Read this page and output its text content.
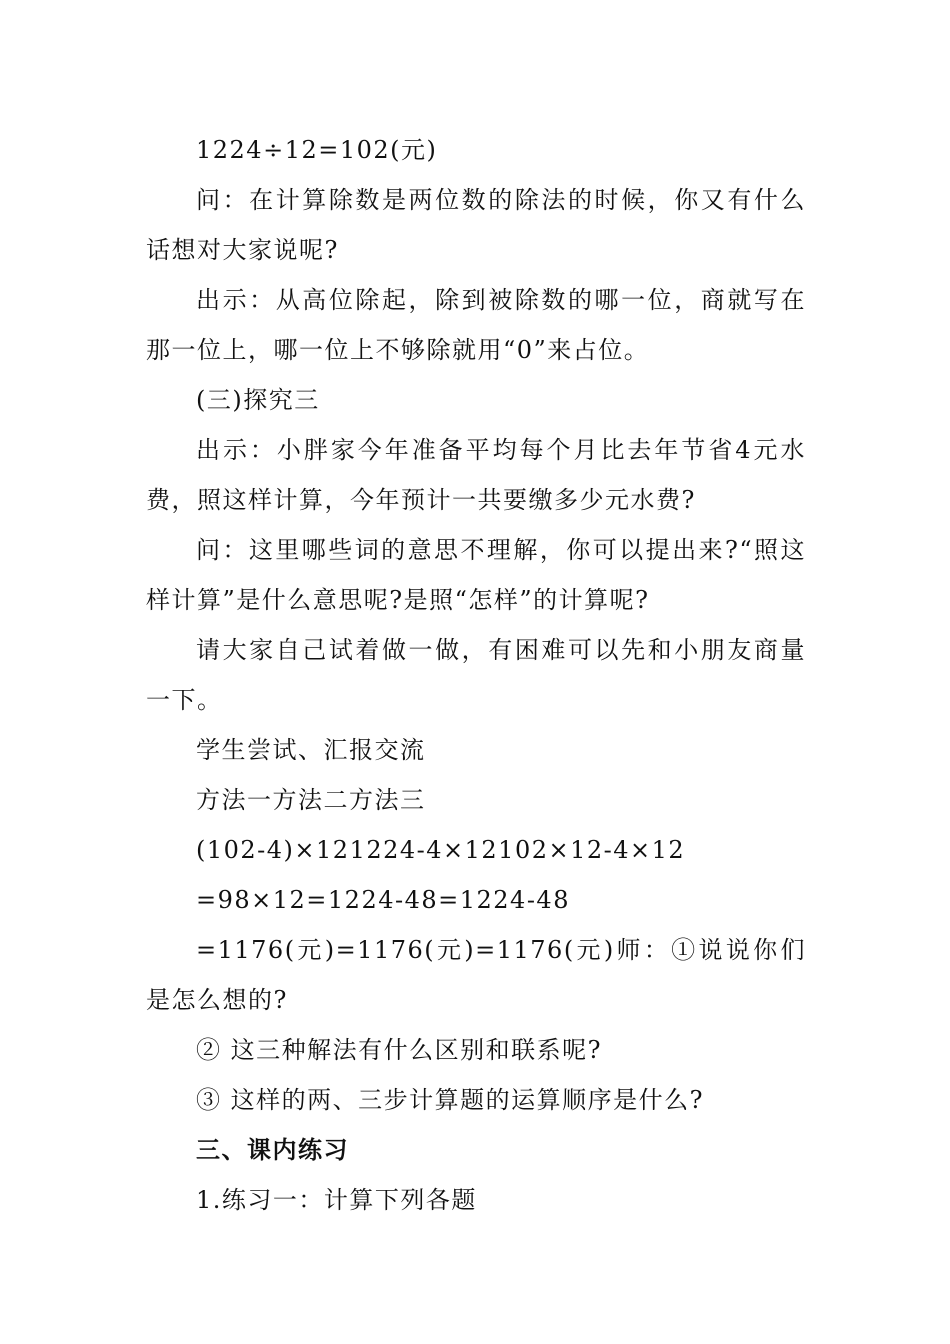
1224÷12=102(元)

问：在计算除数是两位数的除法的时候，你又有什么话想对大家说呢?

出示：从高位除起，除到被除数的哪一位，商就写在那一位上，哪一位上不够除就用“0”来占位。

(三)探究三

出示：小胖家今年准备平均每个月比去年节省4元水费，照这样计算，今年预计一共要缴多少元水费?

问：这里哪些词的意思不理解，你可以提出来?“照这样计算”是什么意思呢?是照“怎样”的计算呢?

请大家自己试着做一做，有困难可以先和小朋友商量一下。

学生尝试、汇报交流

方法一方法二方法三

(102-4)×121224-4×12102×12-4×12

=98×12=1224-48=1224-48

=1176(元)=1176(元)=1176(元)师：①说说你们是怎么想的?

② 这三种解法有什么区别和联系呢?

③ 这样的两、三步计算题的运算顺序是什么?

三、课内练习

1.练习一：计算下列各题
